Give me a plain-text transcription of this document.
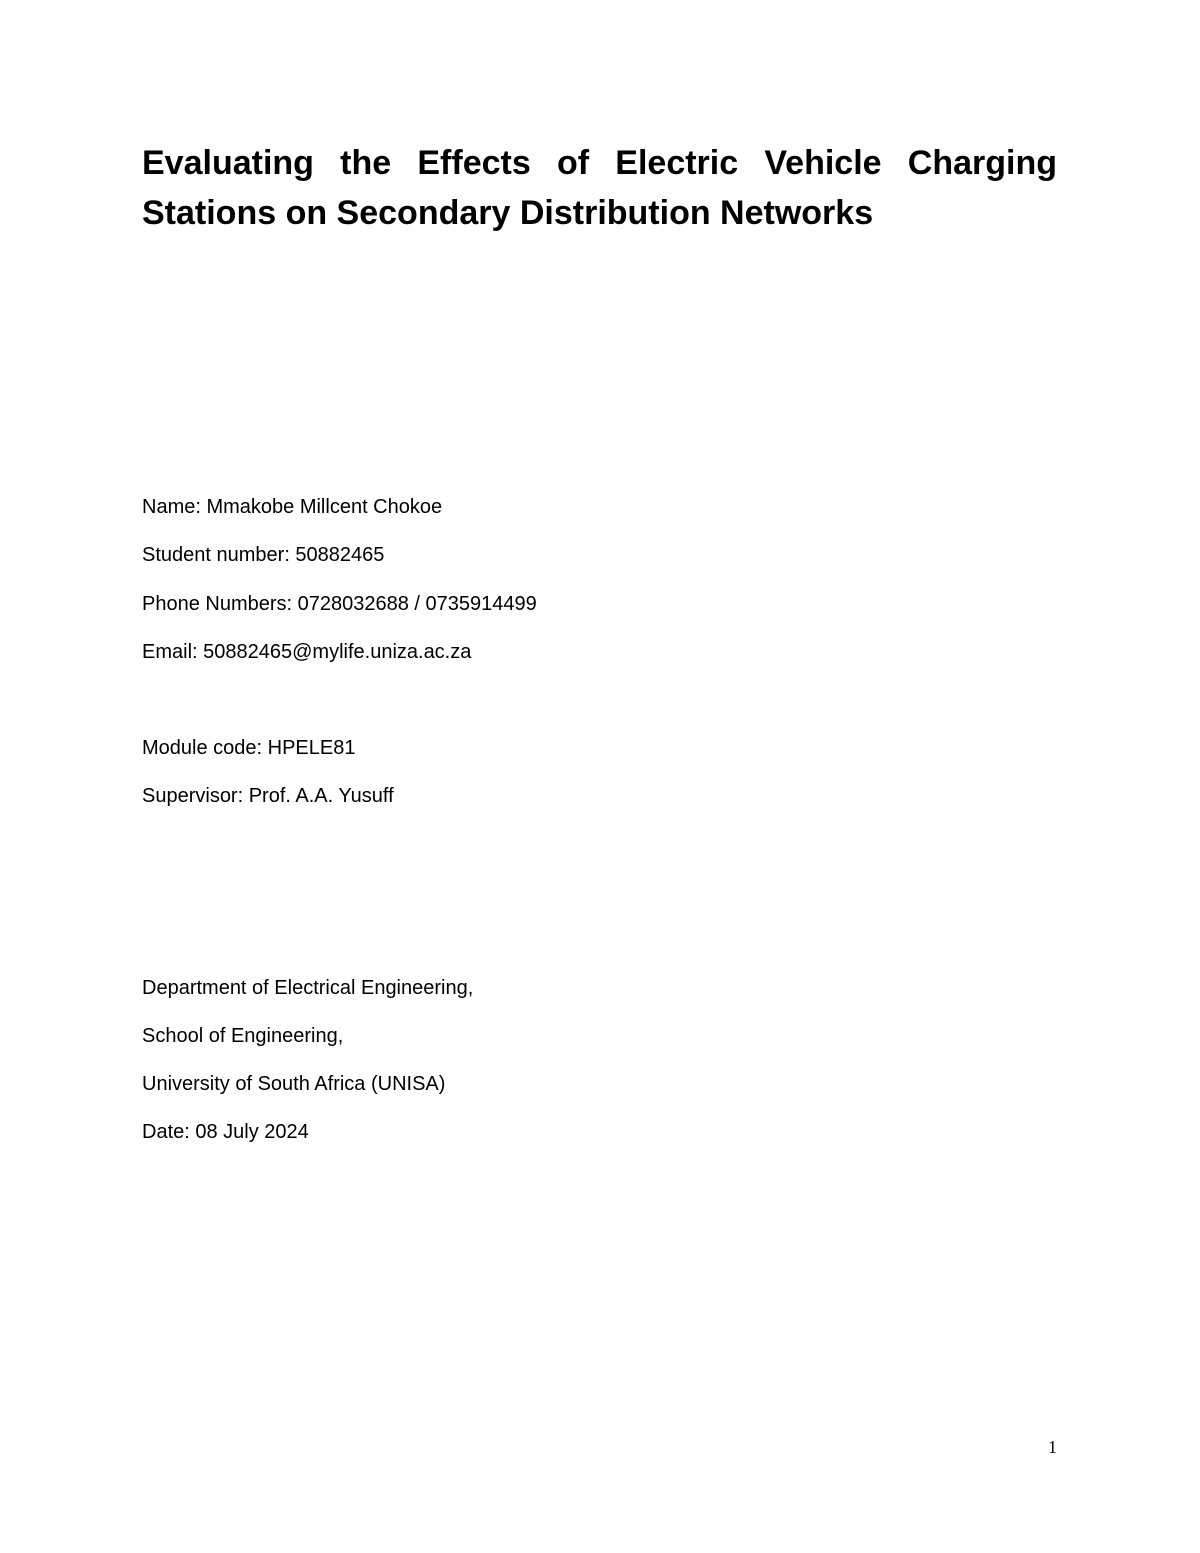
Evaluating the Effects of Electric Vehicle Charging Stations on Secondary Distribution Networks

Name: Mmakobe Millcent Chokoe

Student number: 50882465

Phone Numbers: 0728032688 / 0735914499

Email: 50882465@mylife.uniza.ac.za

Module code: HPELE81

Supervisor: Prof. A.A. Yusuff

Department of Electrical Engineering,

School of Engineering,

University of South Africa (UNISA)

Date: 08 July 2024

1
